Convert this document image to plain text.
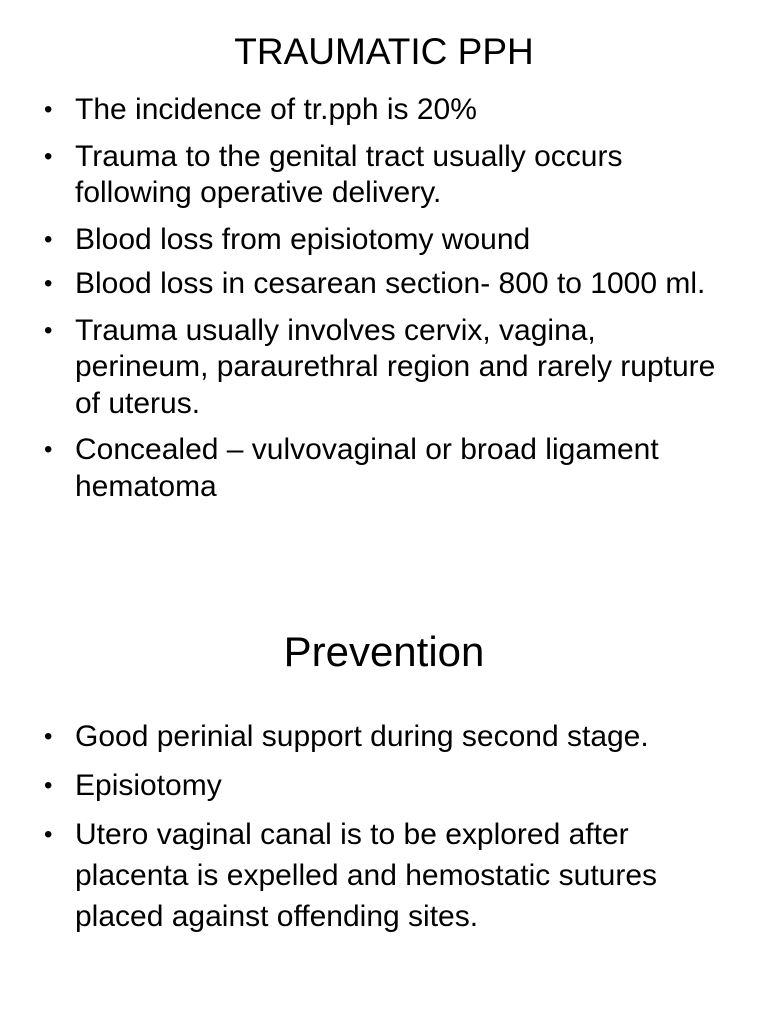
TRAUMATIC PPH
• The incidence of tr.pph is 20%
• Trauma to the genital tract usually occurs following operative delivery.
• Blood loss from episiotomy wound
• Blood loss in cesarean section- 800 to 1000 ml.
• Trauma usually involves cervix, vagina, perineum, paraurethral region and rarely rupture of uterus.
• Concealed – vulvovaginal or broad ligament hematoma
Prevention
• Good perinial support during second stage.
• Episiotomy
• Utero vaginal canal is to be explored after placenta is expelled and hemostatic sutures placed against offending sites.
